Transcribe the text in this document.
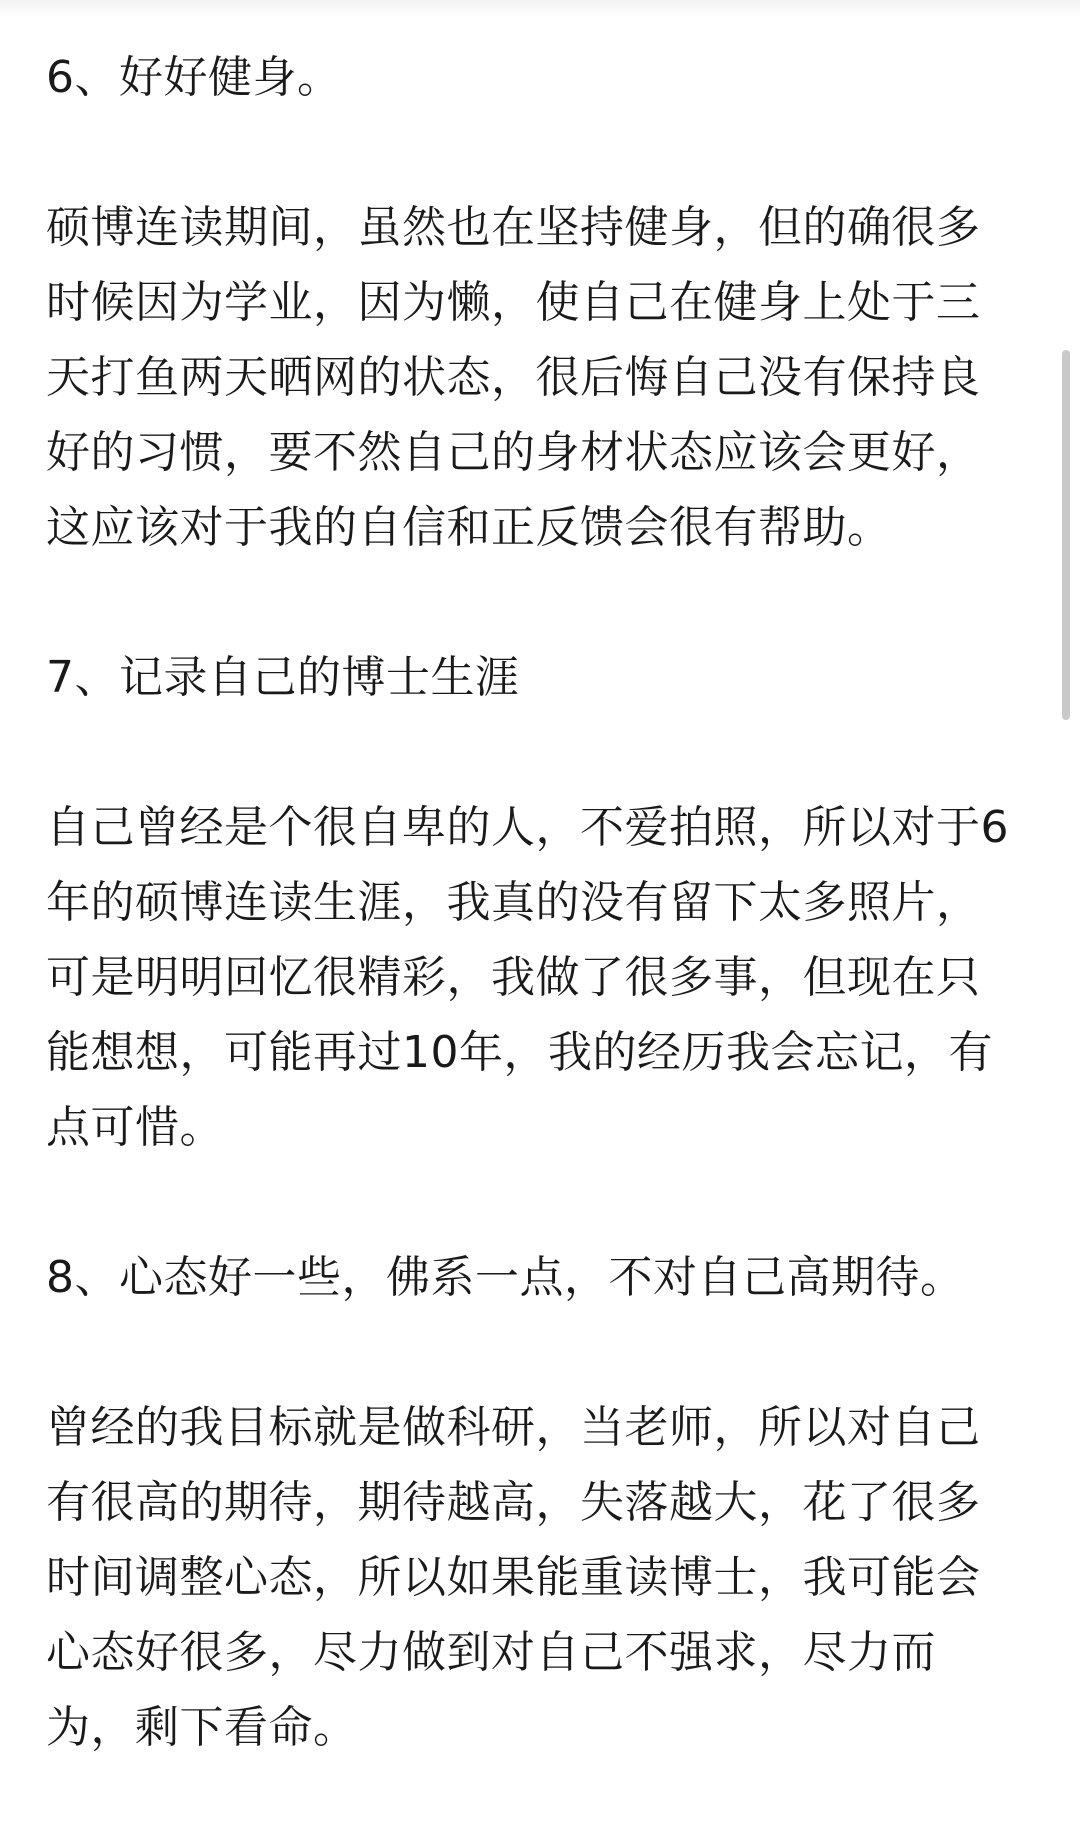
6、好好健身。

硕博连读期间，虽然也在坚持健身，但的确很多时候因为学业，因为懒，使自己在健身上处于三天打鱼两天晒网的状态，很后悔自己没有保持良好的习惯，要不然自己的身材状态应该会更好，这应该对于我的自信和正反馈会很有帮助。

7、记录自己的博士生涯

自己曾经是个很自卑的人，不爱拍照，所以对于6年的硕博连读生涯，我真的没有留下太多照片，可是明明回忆很精彩，我做了很多事，但现在只能想想，可能再过10年，我的经历我会忘记，有点可惜。

8、心态好一些，佛系一点，不对自己高期待。

曾经的我目标就是做科研，当老师，所以对自己有很高的期待，期待越高，失落越大，花了很多时间调整心态，所以如果能重读博士，我可能会心态好很多，尽力做到对自己不强求，尽力而为，剩下看命。
